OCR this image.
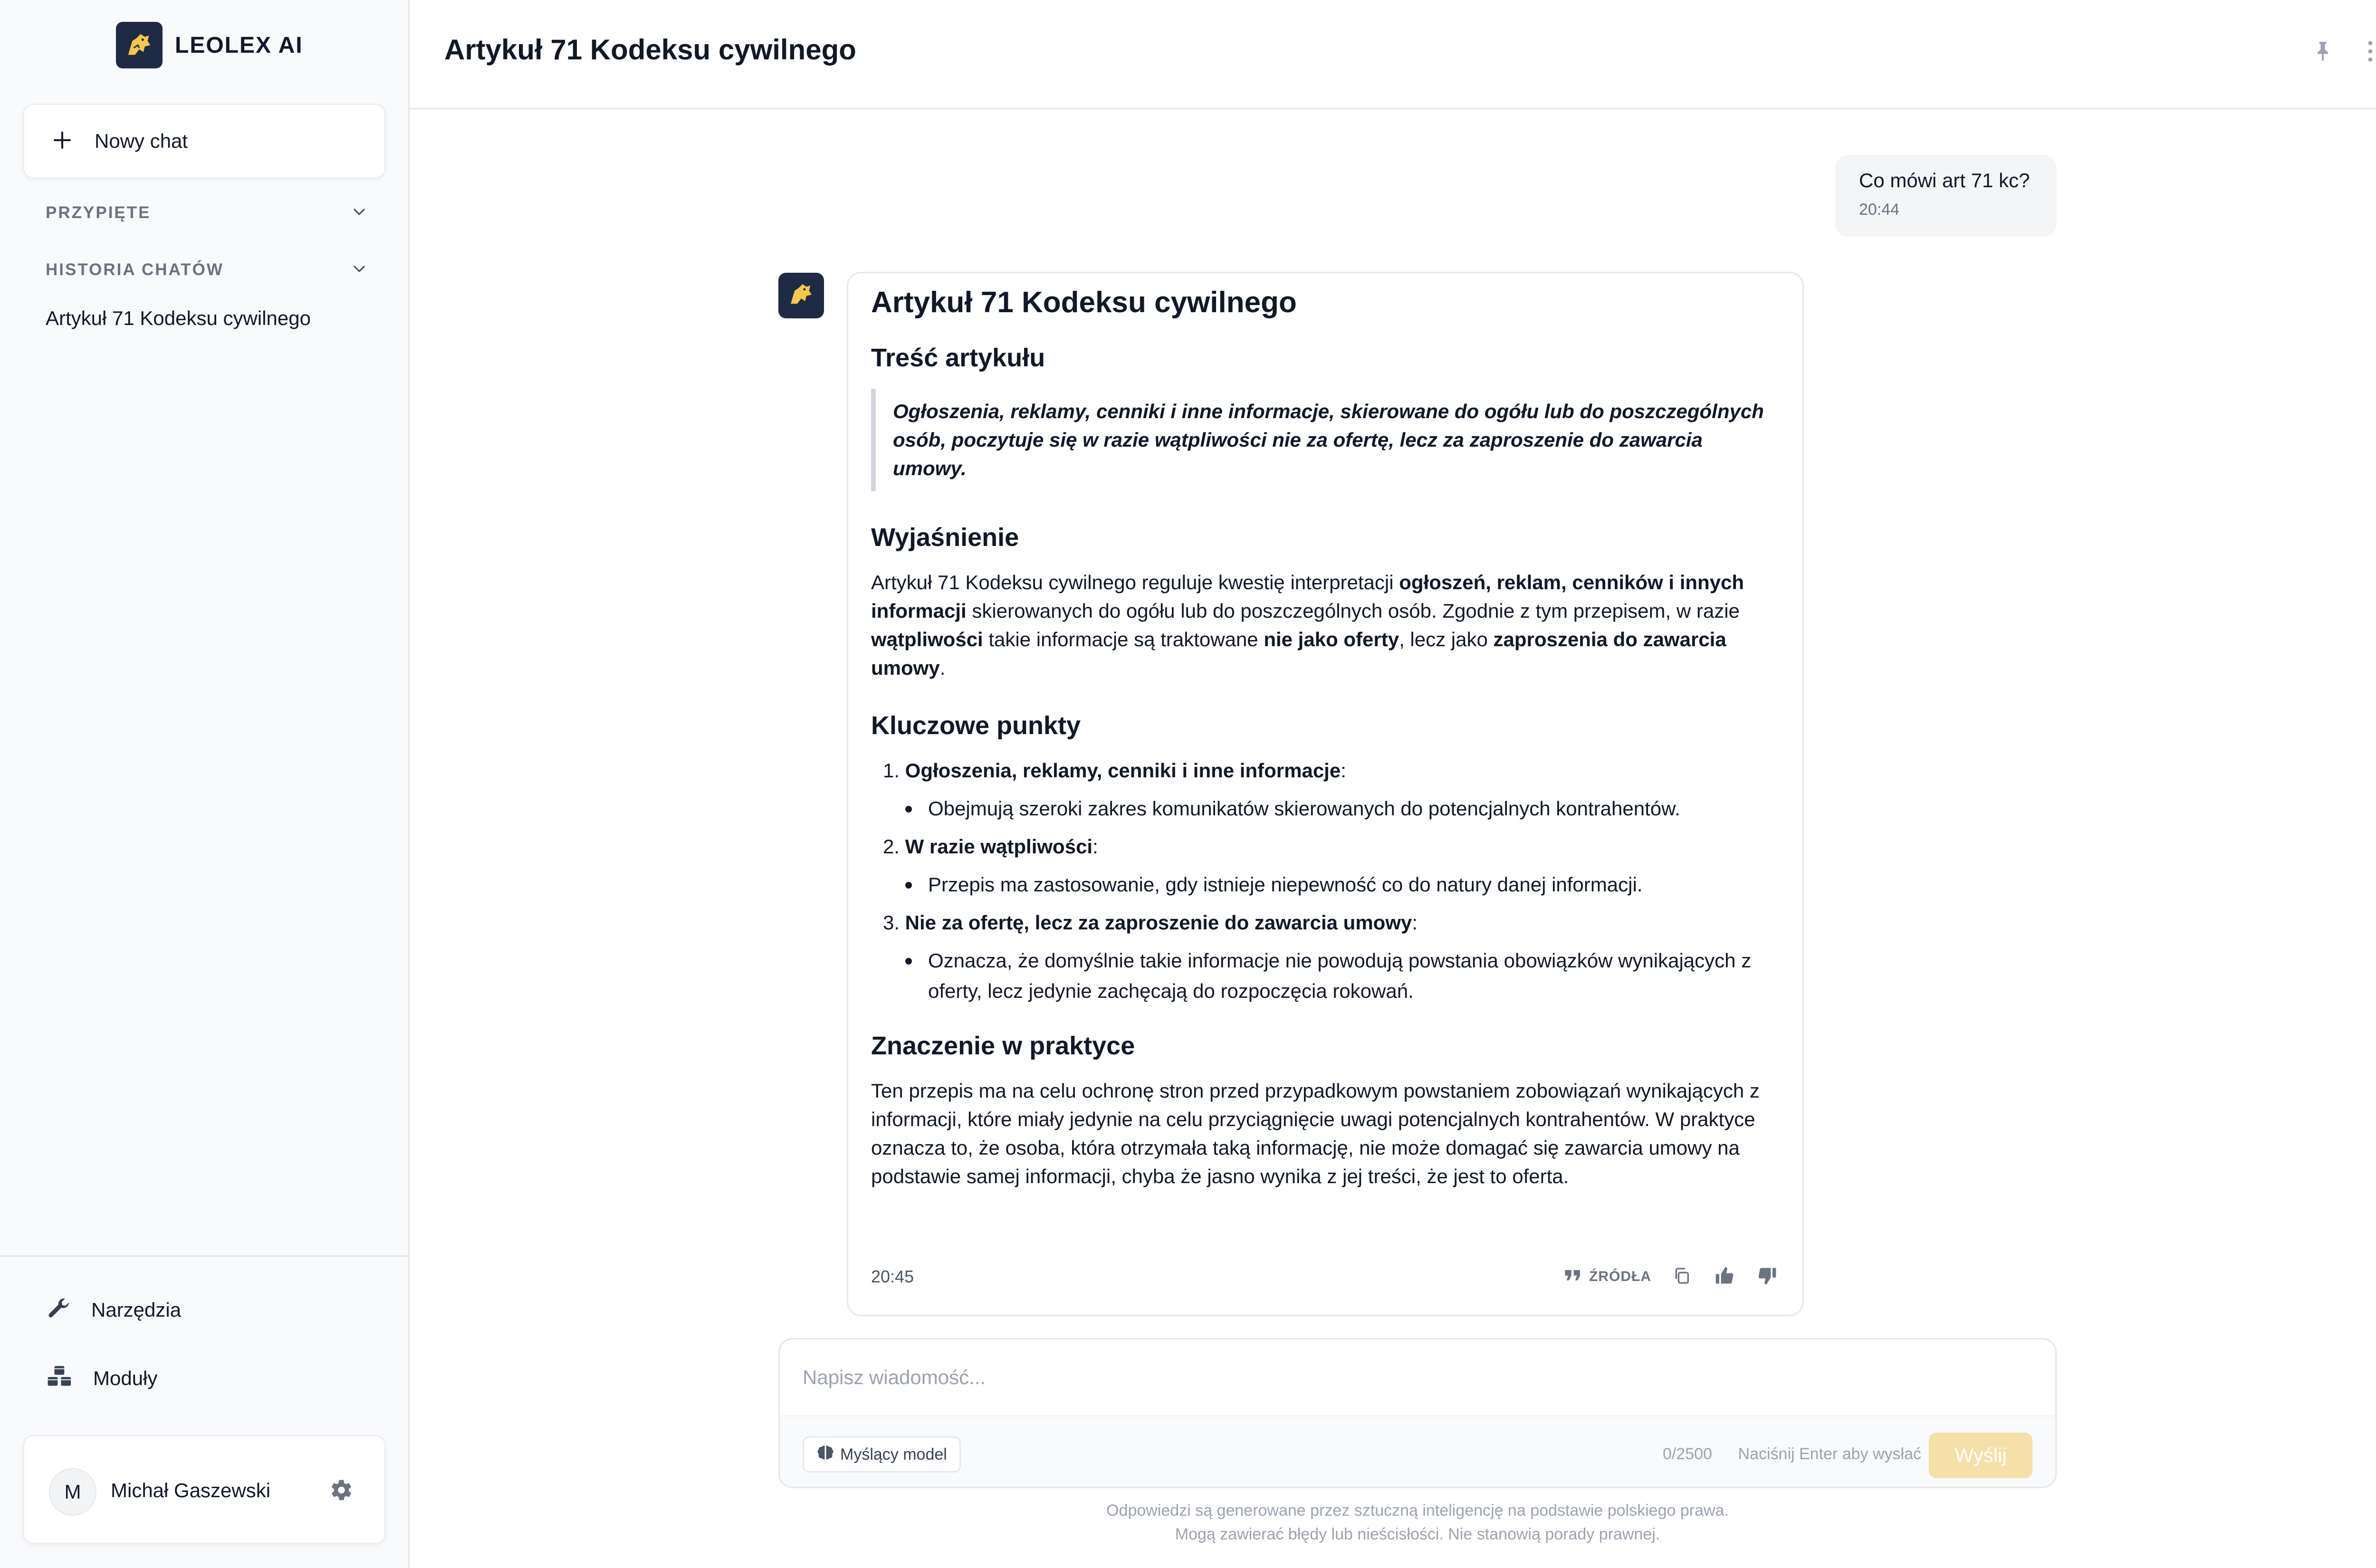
LEOLEX AI
Nowy chat
PRZYPIĘTE
HISTORIA CHATÓW
Artykuł 71 Kodeksu cywilnego
Narzędzia
Moduły
M	Michał Gaszewski
Artykuł 71 Kodeksu cywilnego
Co mówi art 71 kc?
20:44
Artykuł 71 Kodeksu cywilnego
Treść artykułu
Ogłoszenia, reklamy, cenniki i inne informacje, skierowane do ogółu lub do poszczególnych osób, poczytuje się w razie wątpliwości nie za ofertę, lecz za zaproszenie do zawarcia umowy.
Wyjaśnienie
Artykuł 71 Kodeksu cywilnego reguluje kwestię interpretacji ogłoszeń, reklam, cenników i innych informacji skierowanych do ogółu lub do poszczególnych osób. Zgodnie z tym przepisem, w razie wątpliwości takie informacje są traktowane nie jako oferty, lecz jako zaproszenia do zawarcia umowy.
Kluczowe punkty
1. Ogłoszenia, reklamy, cenniki i inne informacje:
Obejmują szeroki zakres komunikatów skierowanych do potencjalnych kontrahentów.
2. W razie wątpliwości:
Przepis ma zastosowanie, gdy istnieje niepewność co do natury danej informacji.
3. Nie za ofertę, lecz za zaproszenie do zawarcia umowy:
Oznacza, że domyślnie takie informacje nie powodują powstania obowiązków wynikających z oferty, lecz jedynie zachęcają do rozpoczęcia rokowań.
Znaczenie w praktyce
Ten przepis ma na celu ochronę stron przed przypadkowym powstaniem zobowiązań wynikających z informacji, które miały jedynie na celu przyciągnięcie uwagi potencjalnych kontrahentów. W praktyce oznacza to, że osoba, która otrzymała taką informację, nie może domagać się zawarcia umowy na podstawie samej informacji, chyba że jasno wynika z jej treści, że jest to oferta.
20:45	ŹRÓDŁA
Napisz wiadomość...
Myślący model	0/2500 Naciśnij Enter aby wysłać	Wyślij
Odpowiedzi są generowane przez sztuczną inteligencję na podstawie polskiego prawa.
Mogą zawierać błędy lub nieścisłości. Nie stanowią porady prawnej.
